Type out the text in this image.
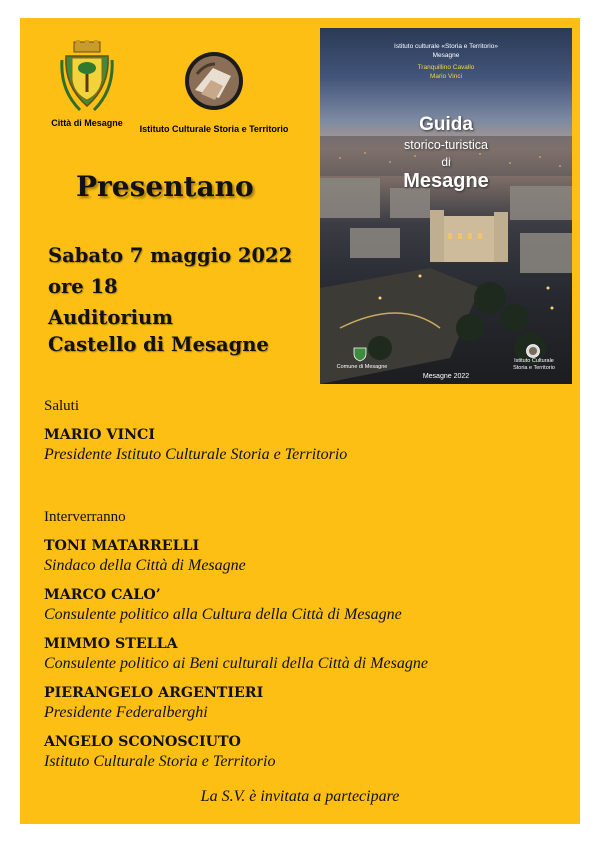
Città di Mesagne
Istituto Culturale Storia e Territorio
Presentano
Sabato 7 maggio 2022
ore 18
Auditorium
Castello di Mesagne
Istituto culturale «Storia e Territorio»
Mesagne
Tranquillino Cavallo
Mario Vinci
Guida
storico-turistica
di
Mesagne
Comune di Mesagne
Istituto Culturale
Storia e Territorio
Mesagne 2022
Saluti
MARIO VINCI
Presidente Istituto Culturale Storia e Territorio
Interverranno
TONI MATARRELLI
Sindaco della Città di Mesagne
MARCO CALO’
Consulente politico alla Cultura della Città di Mesagne
MIMMO STELLA
Consulente politico ai Beni culturali della Città di Mesagne
PIERANGELO ARGENTIERI
Presidente Federalberghi
ANGELO SCONOSCIUTO
Istituto Culturale Storia e Territorio
La S.V. è invitata a partecipare
